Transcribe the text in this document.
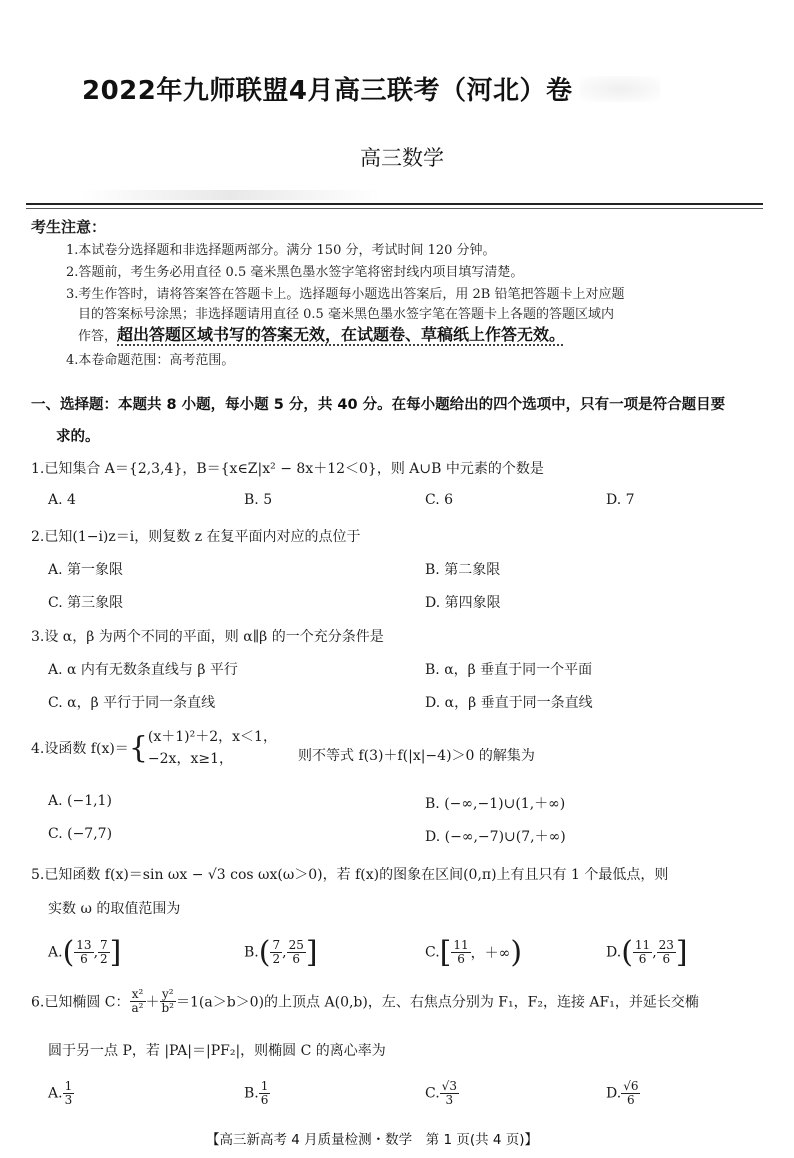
2022年九师联盟4月高三联考（河北）卷
高三数学
考生注意：
1.本试卷分选择题和非选择题两部分。满分 150 分，考试时间 120 分钟。
2.答题前，考生务必用直径 0.5 毫米黑色墨水签字笔将密封线内项目填写清楚。
3.考生作答时，请将答案答在答题卡上。选择题每小题选出答案后，用 2B 铅笔把答题卡上对应题
目的答案标号涂黑；非选择题请用直径 0.5 毫米黑色墨水签字笔在答题卡上各题的答题区域内
作答，超出答题区域书写的答案无效，在试题卷、草稿纸上作答无效。
4.本卷命题范围：高考范围。
一、选择题：本题共 8 小题，每小题 5 分，共 40 分。在每小题给出的四个选项中，只有一项是符合题目要
求的。
1.已知集合 A＝{2,3,4}，B＝{x∈Z|x² − 8x＋12＜0}，则 A∪B 中元素的个数是
A. 4	B. 5	C. 6	D. 7
2.已知(1−i)z＝i，则复数 z 在复平面内对应的点位于
A. 第一象限	B. 第二象限
C. 第三象限	D. 第四象限
3.设 α，β 为两个不同的平面，则 α∥β 的一个充分条件是
A. α 内有无数条直线与 β 平行	B. α，β 垂直于同一个平面
C. α，β 平行于同一条直线	D. α，β 垂直于同一条直线
4.设函数 f(x)＝{ (x＋1)²＋2，x＜1，
−2x，x≥1，	则不等式 f(3)＋f(|x|−4)＞0 的解集为
A. (−1,1)	B. (−∞,−1)∪(1,＋∞)
C. (−7,7)	D. (−∞,−7)∪(7,＋∞)
5.已知函数 f(x)＝sin ωx − √3 cos ωx(ω＞0)，若 f(x)的图象在区间(0,π)上有且只有 1 个最低点，则
实数 ω 的取值范围为
$A.( \frac{13}{6}$ , $\frac{7}{2}$ ]	$B.( \frac{7}{2}$ , $\frac{25}{6}$ ]	$C.[ \frac{11}{6}$ ，＋∞)	$D.( \frac{11}{6}$ , $\frac{23}{6}$ ]
6.已知椭圆 C： $\frac{\text{x²}}{\text{a²}} + \frac{\text{y²}}{\text{b²}} =1(a>b>0)$的上顶点 A(0,b)，左、右焦点分别为 F₁，F₂，连接 AF₁，并延长交椭
圆于另一点 P，若 |PA|＝|PF₂|，则椭圆 C 的离心率为
A. $\frac{1}{3}$	B. $\frac{1}{6}$	C. $\frac{√3}{3}$	D. $\frac{√6}{6}$
【高三新高考 4 月质量检测・数学　第 1 页(共 4 页)】
